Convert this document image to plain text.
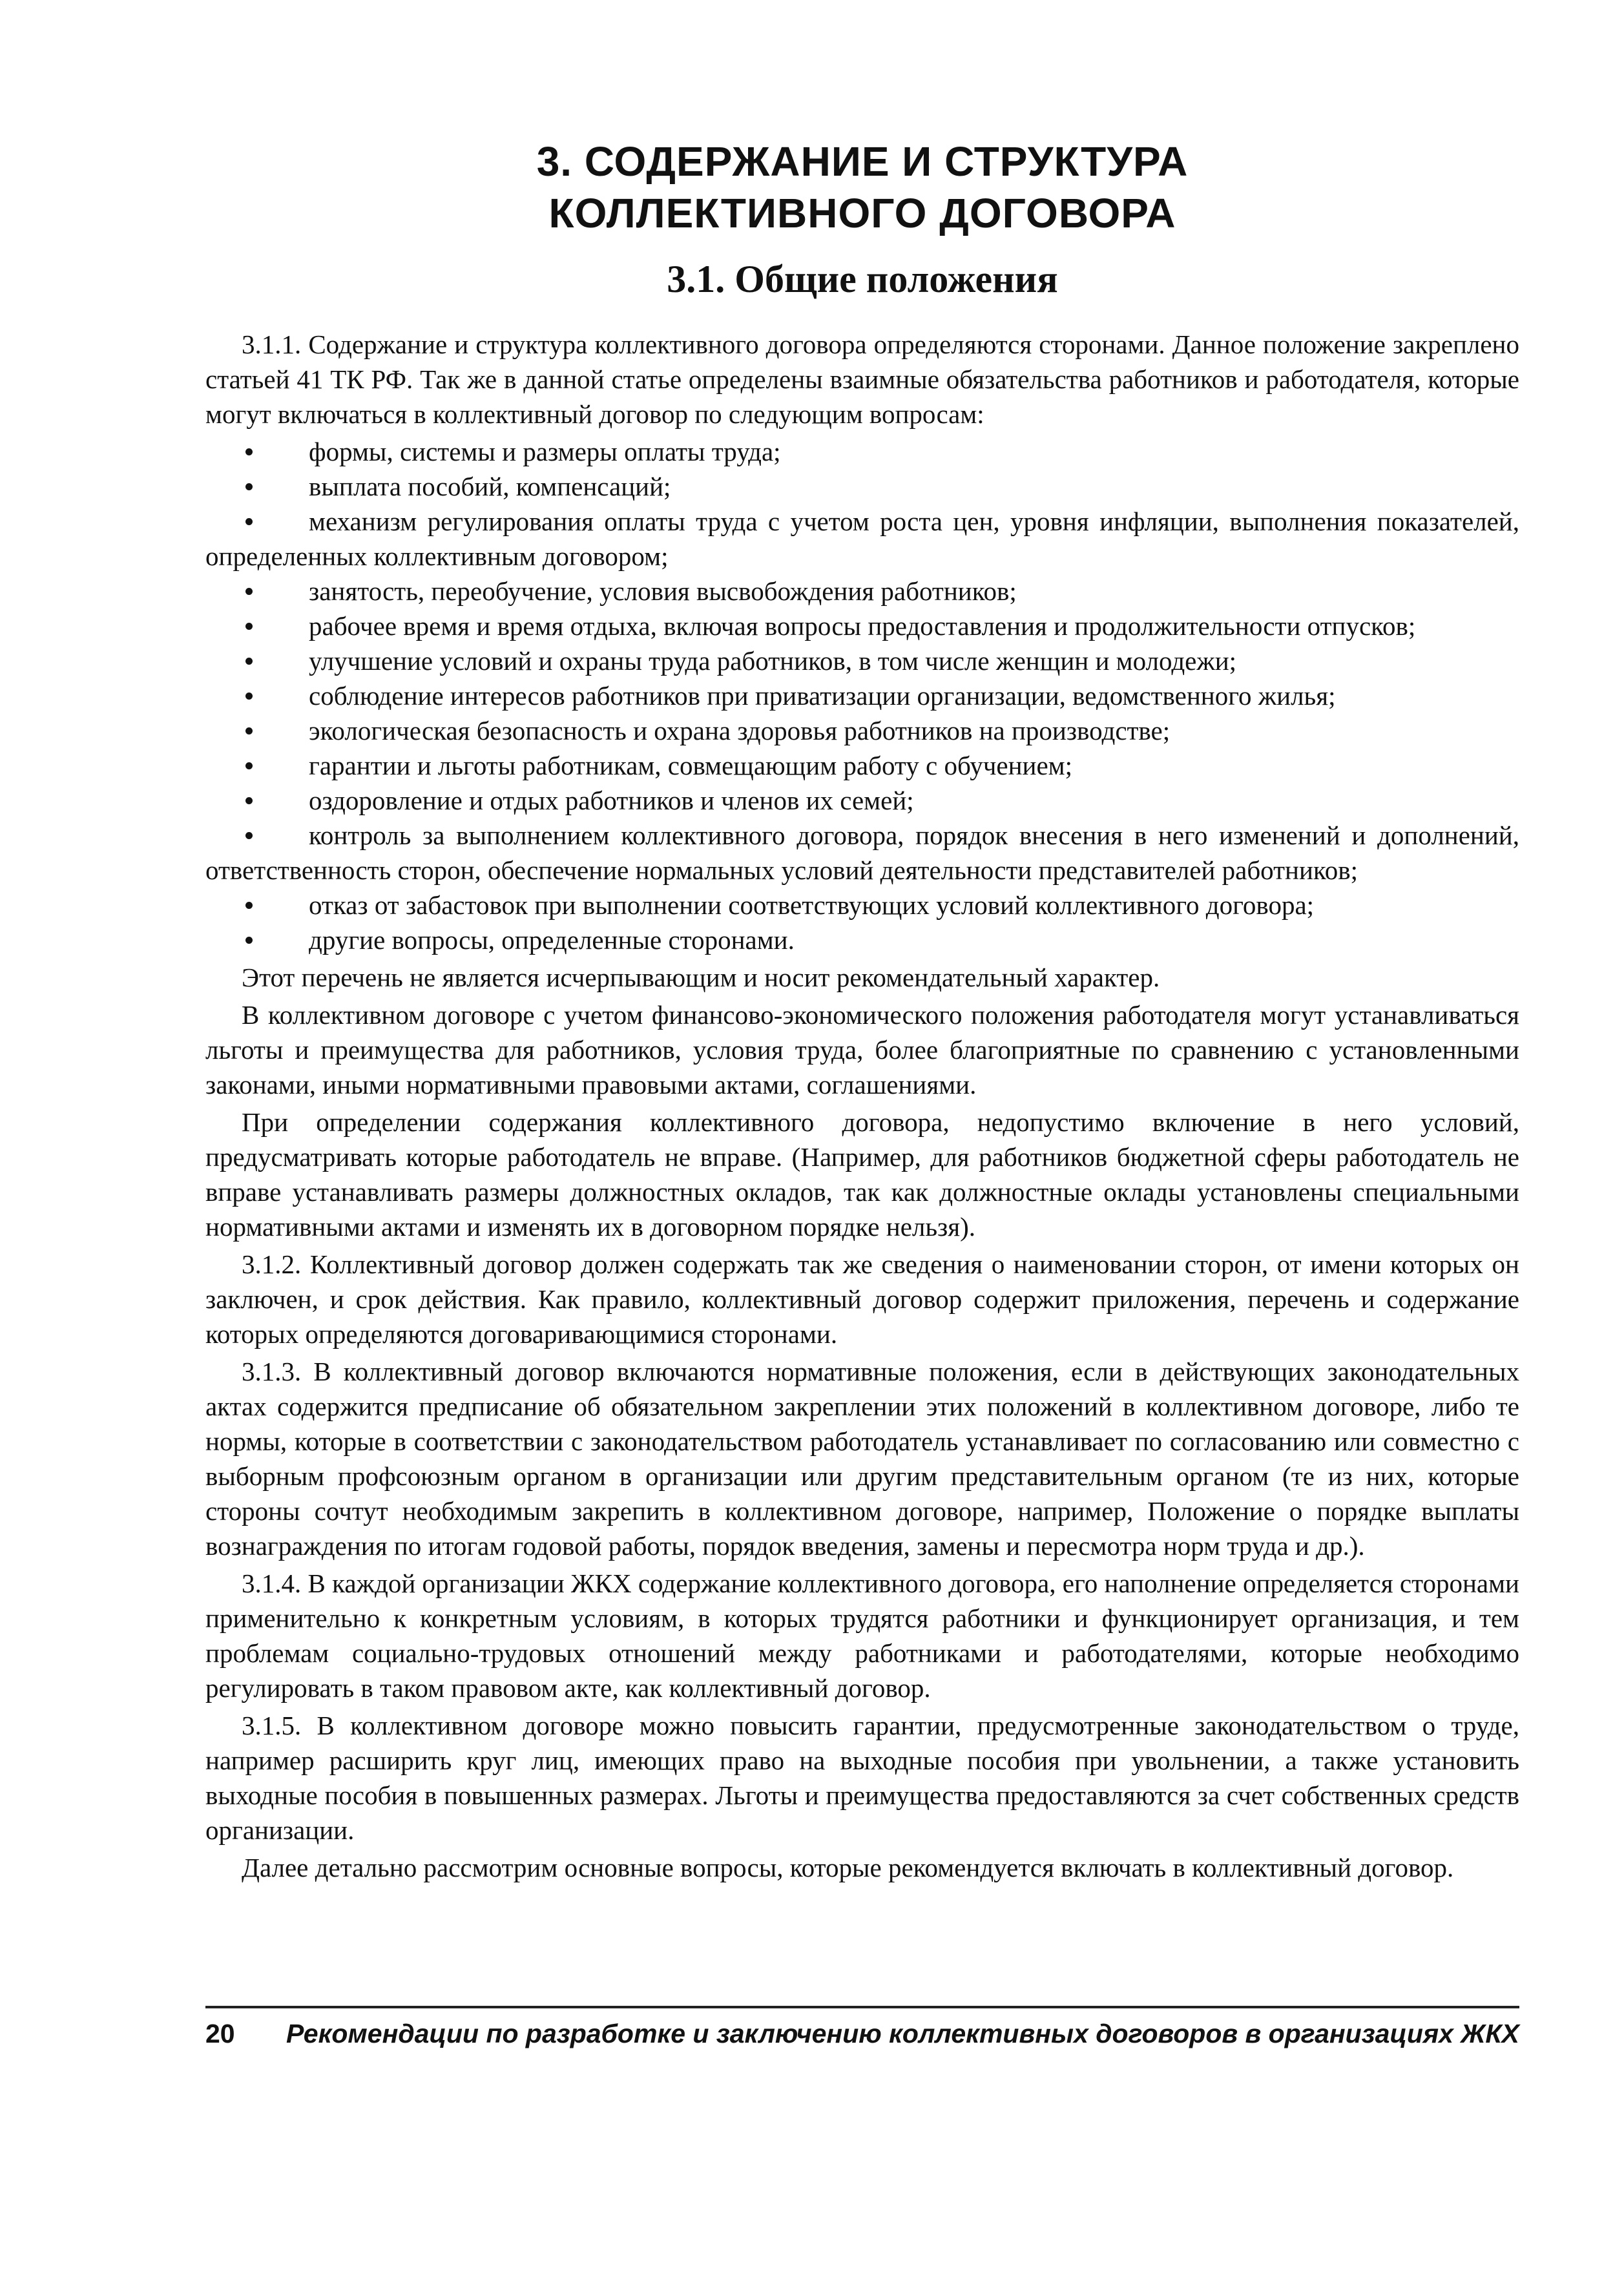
3. СОДЕРЖАНИЕ И СТРУКТУРА
КОЛЛЕКТИВНОГО ДОГОВОРА
3.1. Общие положения

3.1.1. Содержание и структура коллективного договора определяются сторонами. Данное положение закреплено статьей 41 ТК РФ. Так же в данной статье определены взаимные обязательства работников и работодателя, которые могут включаться в коллективный договор по следующим вопросам:

формы, системы и размеры оплаты труда;
выплата пособий, компенсаций;
механизм регулирования оплаты труда с учетом роста цен, уровня инфляции, выполнения показателей, определенных коллективным договором;
занятость, переобучение, условия высвобождения работников;
рабочее время и время отдыха, включая вопросы предоставления и продолжительности отпусков;
улучшение условий и охраны труда работников, в том числе женщин и молодежи;
соблюдение интересов работников при приватизации организации, ведомственного жилья;
экологическая безопасность и охрана здоровья работников на производстве;
гарантии и льготы работникам, совмещающим работу с обучением;
оздоровление и отдых работников и членов их семей;
контроль за выполнением коллективного договора, порядок внесения в него изменений и дополнений, ответственность сторон, обеспечение нормальных условий деятельности представителей работников;
отказ от забастовок при выполнении соответствующих условий коллективного договора;
другие вопросы, определенные сторонами.

Этот перечень не является исчерпывающим и носит рекомендательный характер.

В коллективном договоре с учетом финансово-экономического положения работодателя могут устанавливаться льготы и преимущества для работников, условия труда, более благоприятные по сравнению с установленными законами, иными нормативными правовыми актами, соглашениями.

При определении содержания коллективного договора, недопустимо включение в него условий, предусматривать которые работодатель не вправе. (Например, для работников бюджетной сферы работодатель не вправе устанавливать размеры должностных окладов, так как должностные оклады установлены специальными нормативными актами и изменять их в договорном порядке нельзя).

3.1.2. Коллективный договор должен содержать так же сведения о наименовании сторон, от имени которых он заключен, и срок действия. Как правило, коллективный договор содержит приложения, перечень и содержание которых определяются договаривающимися сторонами.

3.1.3. В коллективный договор включаются нормативные положения, если в действующих законодательных актах содержится предписание об обязательном закреплении этих положений в коллективном договоре, либо те нормы, которые в соответствии с законодательством работодатель устанавливает по согласованию или совместно с выборным профсоюзным органом в организации или другим представительным органом (те из них, которые стороны сочтут необходимым закрепить в коллективном договоре, например, Положение о порядке выплаты вознаграждения по итогам годовой работы, порядок введения, замены и пересмотра норм труда и др.).

3.1.4. В каждой организации ЖКХ содержание коллективного договора, его наполнение определяется сторонами применительно к конкретным условиям, в которых трудятся работники и функционирует организация, и тем проблемам социально-трудовых отношений между работниками и работодателями, которые необходимо регулировать в таком правовом акте, как коллективный договор.

3.1.5. В коллективном договоре можно повысить гарантии, предусмотренные законодательством о труде, например расширить круг лиц, имеющих право на выходные пособия при увольнении, а также установить выходные пособия в повышенных размерах. Льготы и преимущества предоставляются за счет собственных средств организации.

Далее детально рассмотрим основные вопросы, которые рекомендуется включать в коллективный договор.

20 Рекомендации по разработке и заключению коллективных договоров в организациях ЖКХ
